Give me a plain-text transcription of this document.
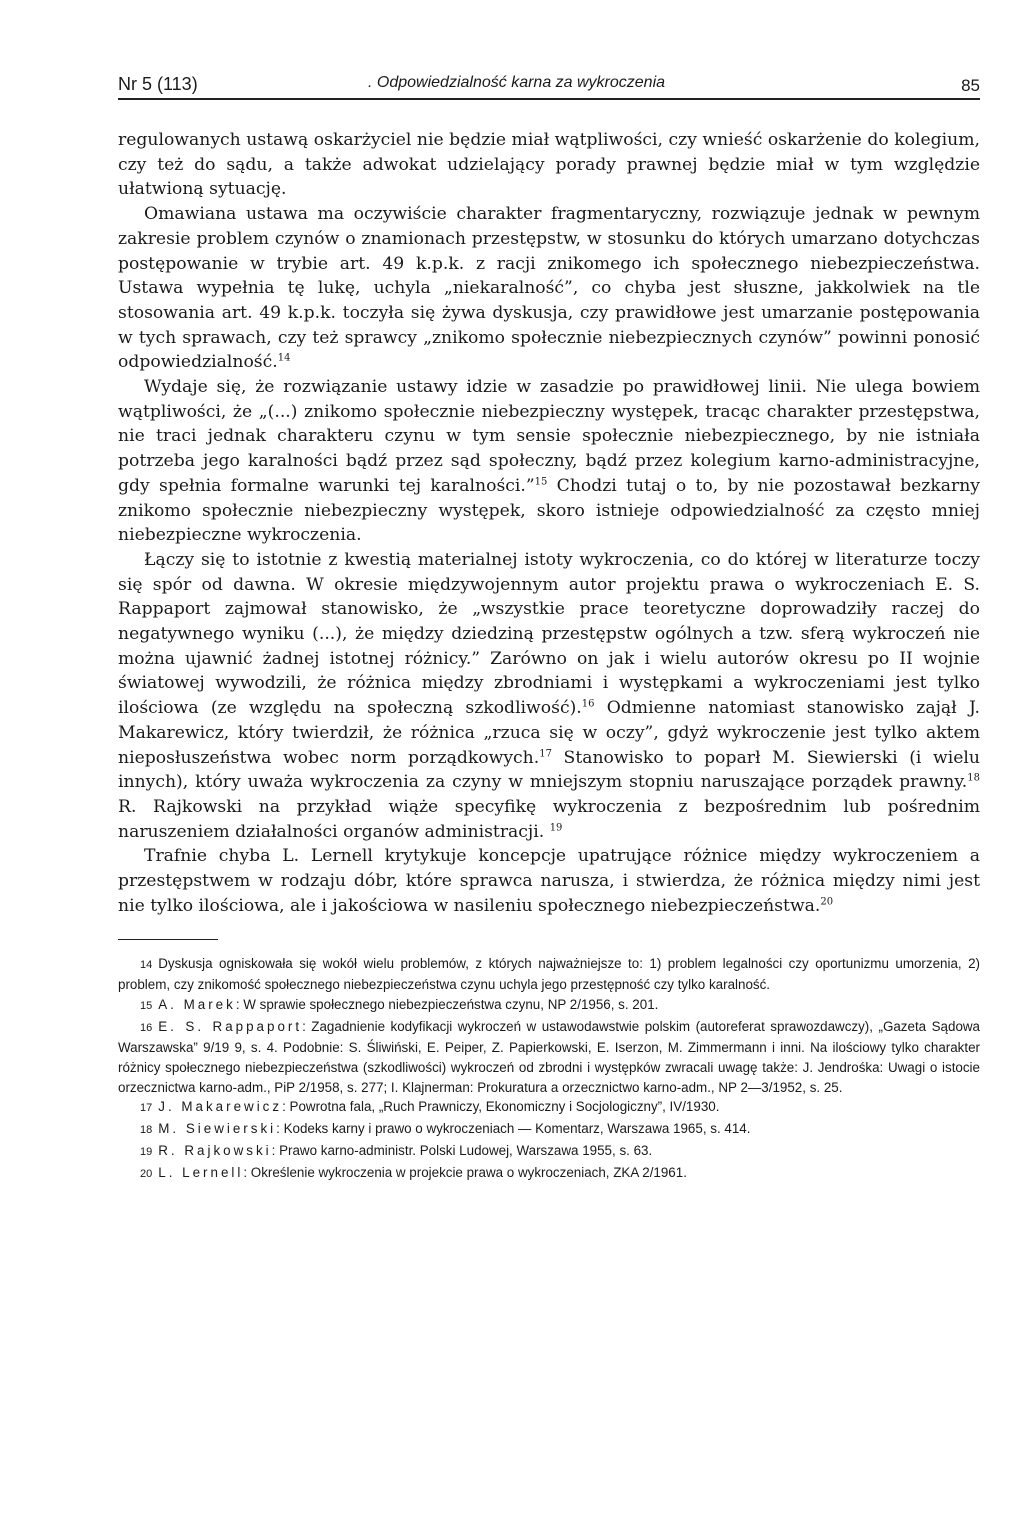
Nr 5 (113)	. Odpowiedzialność karna za wykroczenia	85

regulowanych ustawą oskarżyciel nie będzie miał wątpliwości, czy wnieść oskarżenie do kolegium, czy też do sądu, a także adwokat udzielający porady prawnej będzie miał w tym względzie ułatwioną sytuację.

Omawiana ustawa ma oczywiście charakter fragmentaryczny, rozwiązuje jednak w pewnym zakresie problem czynów o znamionach przestępstw, w stosunku do których umarzano dotychczas postępowanie w trybie art. 49 k.p.k. z racji znikomego ich społecznego niebezpieczeństwa. Ustawa wypełnia tę lukę, uchyla „niekaralność”, co chyba jest słuszne, jakkolwiek na tle stosowania art. 49 k.p.k. toczyła się żywa dyskusja, czy prawidłowe jest umarzanie postępowania w tych sprawach, czy też sprawcy „znikomo społecznie niebezpiecznych czynów” powinni ponosić odpowiedzialność.$^{14}$

Wydaje się, że rozwiązanie ustawy idzie w zasadzie po prawidłowej linii. Nie ulega bowiem wątpliwości, że „(...) znikomo społecznie niebezpieczny występek, tracąc charakter przestępstwa, nie traci jednak charakteru czynu w tym sensie społecznie niebezpiecznego, by nie istniała potrzeba jego karalności bądź przez sąd społeczny, bądź przez kolegium karno-administracyjne, gdy spełnia formalne warunki tej karalności.”$^{15}$ Chodzi tutaj o to, by nie pozostawał bezkarny znikomo społecznie niebezpieczny występek, skoro istnieje odpowiedzialność za często mniej niebezpieczne wykroczenia.

Łączy się to istotnie z kwestią materialnej istoty wykroczenia, co do której w literaturze toczy się spór od dawna. W okresie międzywojennym autor projektu prawa o wykroczeniach E. S. Rappaport zajmował stanowisko, że „wszystkie prace teoretyczne doprowadziły raczej do negatywnego wyniku (...), że między dziedziną przestępstw ogólnych a tzw. sferą wykroczeń nie można ujawnić żadnej istotnej różnicy.” Zarówno on jak i wielu autorów okresu po II wojnie światowej wywodzili, że różnica między zbrodniami i występkami a wykroczeniami jest tylko ilościowa (ze względu na społeczną szkodliwość).$^{16}$ Odmienne natomiast stanowisko zajął J. Makarewicz, który twierdził, że różnica „rzuca się w oczy”, gdyż wykroczenie jest tylko aktem nieposłuszeństwa wobec norm porządkowych.$^{17}$ Stanowisko to poparł M. Siewierski (i wielu innych), który uważa wykroczenia za czyny w mniejszym stopniu naruszające porządek prawny.$^{18}$ R. Rajkowski na przykład wiąże specyfikę wykroczenia z bezpośrednim lub pośrednim naruszeniem działalności organów administracji. $^{19}$

Trafnie chyba L. Lernell krytykuje koncepcje upatrujące różnice między wykroczeniem a przestępstwem w rodzaju dóbr, które sprawca narusza, i stwierdza, że różnica między nimi jest nie tylko ilościowa, ale i jakościowa w nasileniu społecznego niebezpieczeństwa.$^{20}$

14 Dyskusja ogniskowała się wokół wielu problemów, z których najważniejsze to: 1) problem legalności czy oportunizmu umorzenia, 2) problem, czy znikomość społecznego niebezpieczeństwa czynu uchyla jego przestępność czy tylko karalność.

15 A. Marek: W sprawie społecznego niebezpieczeństwa czynu, NP 2/1956, s. 201.

16 E. S. Rappaport: Zagadnienie kodyfikacji wykroczeń w ustawodawstwie polskim (autoreferat sprawozdawczy), „Gazeta Sądowa Warszawska” 9/19 9, s. 4. Podobnie: S. Śliwiński, E. Peiper, Z. Papierkowski, E. Iserzon, M. Zimmermann i inni. Na ilościowy tylko charakter różnicy społecznego niebezpieczeństwa (szkodliwości) wykroczeń od zbrodni i występków zwracali uwagę także: J. Jendrośka: Uwagi o istocie orzecznictwa karno-adm., PiP 2/1958, s. 277; I. Klajnerman: Prokuratura a orzecznictwo karno-adm., NP 2—3/1952, s. 25.

17 J. Makarewicz: Powrotna fala, „Ruch Prawniczy, Ekonomiczny i Socjologiczny”, IV/1930.

18 M. Siewierski: Kodeks karny i prawo o wykroczeniach — Komentarz, Warszawa 1965, s. 414.

19 R. Rajkowski: Prawo karno-administr. Polski Ludowej, Warszawa 1955, s. 63.

20 L. Lernell: Określenie wykroczenia w projekcie prawa o wykroczeniach, ZKA 2/1961.
